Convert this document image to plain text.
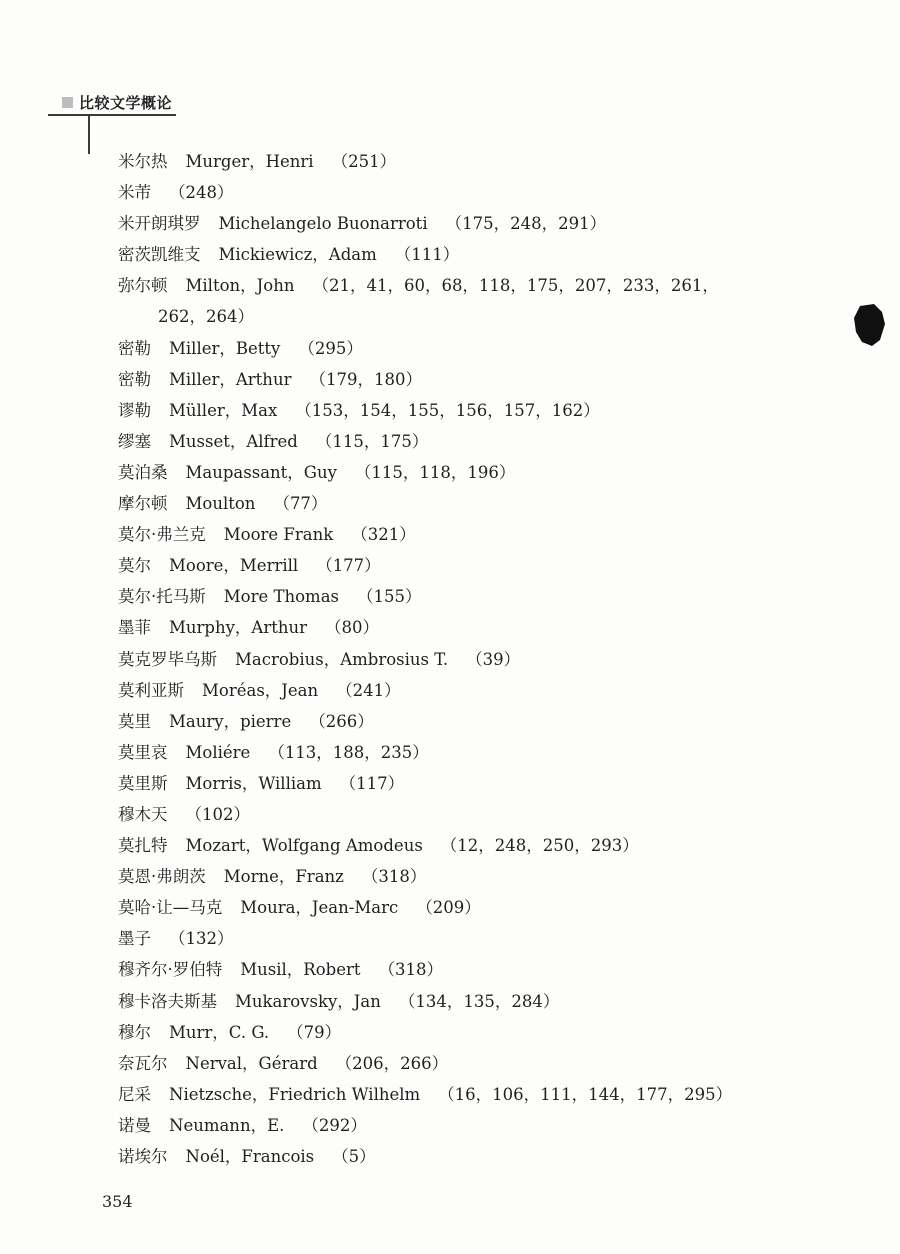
比较文学概论
米尔热 Murger，Henri （251）
米芾 （248）
米开朗琪罗 Michelangelo Buonarroti （175，248，291）
密茨凯维支 Mickiewicz，Adam （111）
弥尔顿 Milton，John （21，41，60，68，118，175，207，233，261，
262，264）
密勒 Miller，Betty （295）
密勒 Miller，Arthur （179，180）
谬勒 Müller，Max （153，154，155，156，157，162）
缪塞 Musset，Alfred （115，175）
莫泊桑 Maupassant，Guy （115，118，196）
摩尔顿 Moulton （77）
莫尔·弗兰克 Moore Frank （321）
莫尔 Moore，Merrill （177）
莫尔·托马斯 More Thomas （155）
墨菲 Murphy，Arthur （80）
莫克罗毕乌斯 Macrobius，Ambrosius T. （39）
莫利亚斯 Moréas，Jean （241）
莫里 Maury，pierre （266）
莫里哀 Moliére （113，188，235）
莫里斯 Morris，William （117）
穆木天 （102）
莫扎特 Mozart，Wolfgang Amodeus （12，248，250，293）
莫恩·弗朗茨 Morne，Franz （318）
莫哈·让—马克 Moura，Jean-Marc （209）
墨子 （132）
穆齐尔·罗伯特 Musil，Robert （318）
穆卡洛夫斯基 Mukarovsky，Jan （134，135，284）
穆尔 Murr，C. G. （79）
奈瓦尔 Nerval，Gérard （206，266）
尼采 Nietzsche，Friedrich Wilhelm （16，106，111，144，177，295）
诺曼 Neumann，E. （292）
诺埃尔 Noél，Francois （5）
354
